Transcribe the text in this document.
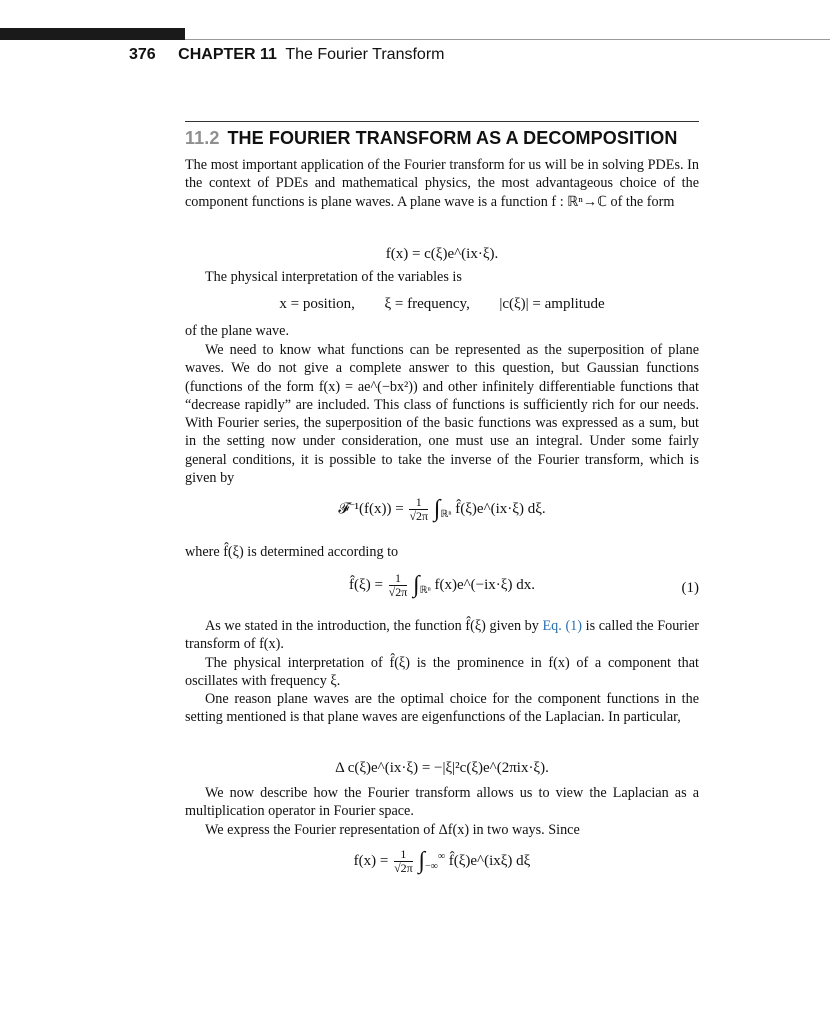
376 CHAPTER 11 The Fourier Transform
11.2 THE FOURIER TRANSFORM AS A DECOMPOSITION

The most important application of the Fourier transform for us will be in solving PDEs. In the context of PDEs and mathematical physics, the most advantageous choice of the component functions is plane waves. A plane wave is a function f : ℝⁿ→ℂ of the form

f(x) = c(ξ)e^(ix·ξ).

The physical interpretation of the variables is

x = position, ξ = frequency, |c(ξ)| = amplitude

of the plane wave.

We need to know what functions can be represented as the superposition of plane waves. We do not give a complete answer to this question, but Gaussian functions (functions of the form f(x) = ae^(−bx²)) and other infinitely differentiable functions that “decrease rapidly” are included. This class of functions is sufficiently rich for our needs. With Fourier series, the superposition of the basic functions was expressed as a sum, but in the setting now under consideration, one must use an integral. Under some fairly general conditions, it is possible to take the inverse of the Fourier transform, which is given by

𝓕⁻¹(f(x)) = $\frac{1}{√2\pi} \int_{ℝ^n}$ f̂(ξ)e^(ix·ξ) dξ.

where f̂(ξ) is determined according to

f̂(ξ) = $\frac{1}{√2\pi} \int_{ℝ^n}$ f(x)e^(−ix·ξ) dx.	(1)

As we stated in the introduction, the function f̂(ξ) given by Eq. (1) is called the Fourier transform of f(x).

The physical interpretation of f̂(ξ) is the prominence in f(x) of a component that oscillates with frequency ξ.

One reason plane waves are the optimal choice for the component functions in the setting mentioned is that plane waves are eigenfunctions of the Laplacian. In particular,

Δ c(ξ)e^(ix·ξ) = −|ξ|²c(ξ)e^(2πix·ξ).

We now describe how the Fourier transform allows us to view the Laplacian as a multiplication operator in Fourier space.

We express the Fourier representation of Δf(x) in two ways. Since

$f(x) = \frac{1}{√2\pi} \int_{-\infty}^\infty$ f̂(ξ)e^(ixξ) dξ
